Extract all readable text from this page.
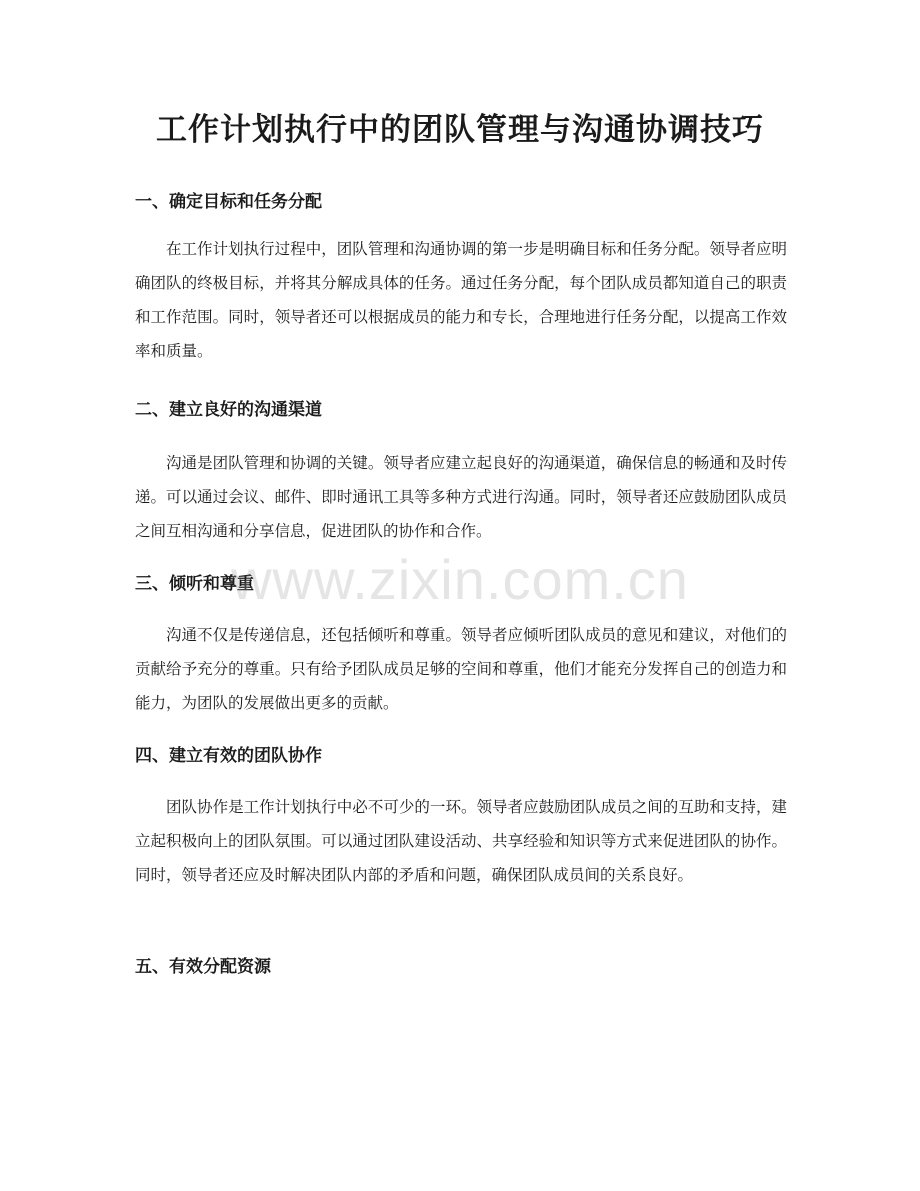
工作计划执行中的团队管理与沟通协调技巧
一、确定目标和任务分配

在工作计划执行过程中，团队管理和沟通协调的第一步是明确目标和任务分配。领导者应明确团队的终极目标，并将其分解成具体的任务。通过任务分配，每个团队成员都知道自己的职责和工作范围。同时，领导者还可以根据成员的能力和专长，合理地进行任务分配，以提高工作效率和质量。

二、建立良好的沟通渠道

沟通是团队管理和协调的关键。领导者应建立起良好的沟通渠道，确保信息的畅通和及时传递。可以通过会议、邮件、即时通讯工具等多种方式进行沟通。同时，领导者还应鼓励团队成员之间互相沟通和分享信息，促进团队的协作和合作。

三、倾听和尊重

沟通不仅是传递信息，还包括倾听和尊重。领导者应倾听团队成员的意见和建议，对他们的贡献给予充分的尊重。只有给予团队成员足够的空间和尊重，他们才能充分发挥自己的创造力和能力，为团队的发展做出更多的贡献。

四、建立有效的团队协作

团队协作是工作计划执行中必不可少的一环。领导者应鼓励团队成员之间的互助和支持，建立起积极向上的团队氛围。可以通过团队建设活动、共享经验和知识等方式来促进团队的协作。同时，领导者还应及时解决团队内部的矛盾和问题，确保团队成员间的关系良好。

五、有效分配资源
www.zixin.com.cn
